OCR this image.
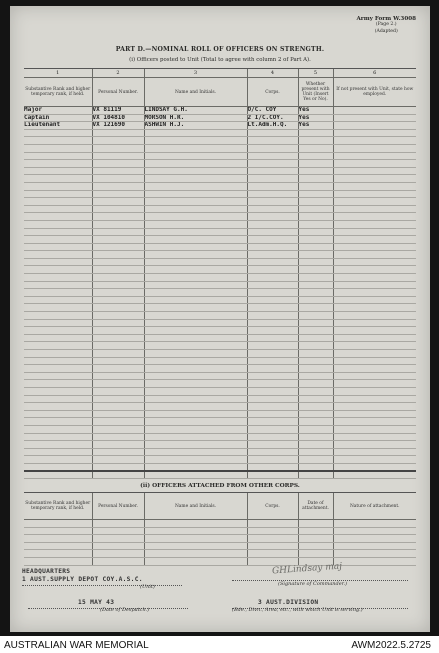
Army Form W.3008
(Page 2.)
(Adapted)
PART D.—NOMINAL ROLL OF OFFICERS ON STRENGTH.
(i) Officers posted to Unit (Total to agree with column 2 of Part A).
1	2	3	4	5	6
Substantive Rank and higher temporary rank, if held.	Personal Number.	Name and Initials.	Corps.	Whether present with Unit (Insert Yes or No).	If not present with Unit, state how employed.
Major	VX 81119	LINDSAY G.H.	O/C. COY	Yes	
Captain	VX 104810	MORSON H.R.	2 I/C.COY.	Yes	
Lieutenant	VX 121690	ASHWIN H.J.	Lt.Adm.H.Q.	Yes	

(ii) OFFICERS ATTACHED FROM OTHER CORPS.
Substantive Rank and higher temporary rank, if held.	Personal Number.	Name and Initials.	Corps.	Date of attachment.	Nature of attachment.

HEADQUARTERS
1 AUST.SUPPLY DEPOT COY.A.S.C.
(Unit)
GHLindsay maj
(Signature of Commander.)
15 MAY 43
(Date of Despatch.)
3 AUST.DIVISION
(Bde., Divn., Area, etc., with which Unit is serving.)
AUSTRALIAN WAR MEMORIAL	AWM2022.5.2725
